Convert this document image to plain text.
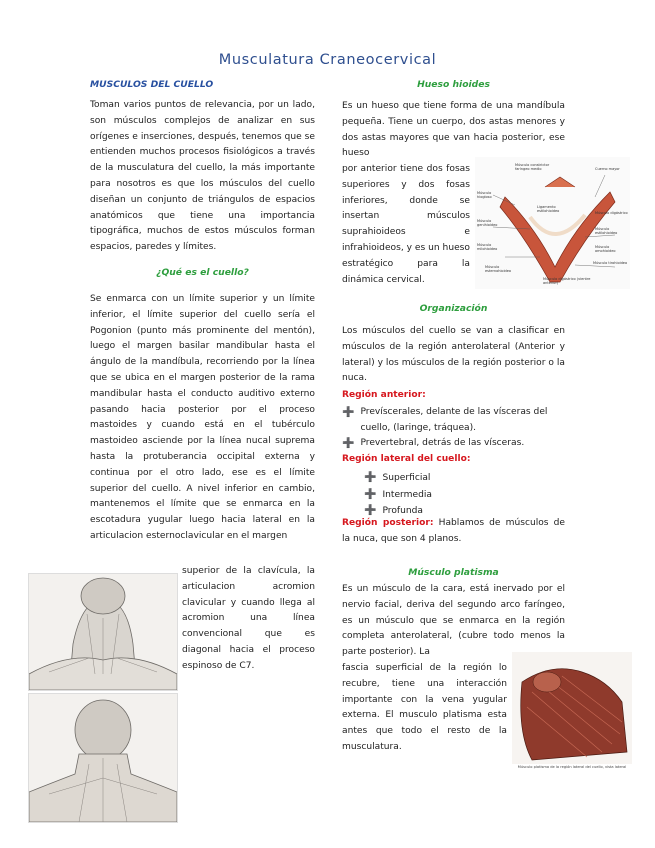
Musculatura Craneocervical
MUSCULOS DEL CUELLO
Toman varios puntos de relevancia, por un lado, son músculos complejos de analizar en sus orígenes e inserciones, después, tenemos que se entienden muchos procesos fisiológicos a través de la musculatura del cuello, la más importante para nosotros es que los músculos del cuello diseñan un conjunto de triángulos de espacios anatómicos que tiene una importancia tipográfica, muchos de estos músculos forman espacios, paredes y límites.
¿Qué es el cuello?
Se enmarca con un límite superior y un límite inferior, el límite superior del cuello sería el Pogonion (punto más prominente del mentón), luego el margen basilar mandibular hasta el ángulo de la mandíbula, recorriendo por la línea que se ubica en el margen posterior de la rama mandibular hasta el conducto auditivo externo pasando hacia posterior por el proceso mastoides y cuando está en el tubérculo mastoideo asciende por la línea nucal suprema hasta la protuberancia occipital externa y continua por el otro lado, ese es el límite superior del cuello. A nivel inferior en cambio, mantenemos el límite que se enmarca en la escotadura yugular luego hacia lateral en la articulacion esternoclavicular en el margen
superior de la clavícula, la articulacion acromion clavicular y cuando llega al acromion una línea convencional que es diagonal hacia el proceso espinoso de C7.
Hueso hioides
Es un hueso que tiene forma de una mandíbula pequeña. Tiene un cuerpo, dos astas menores y dos astas mayores que van hacia posterior, ese hueso
por anterior tiene dos fosas superiores y dos fosas inferiores, donde se insertan músculos suprahioideos e infrahioideos, y es un hueso estratégico para la dinámica cervical.
Músculo constrictor faríngeo medio	Cuerno mayor
Músculo hiogloso
Ligamento estilohioideo
Músculo genihioideo
Músculo digástrico
Músculo estilohioideo
Músculo milohioideo	Músculo omohioideo
Músculo esternohioideo
Músculo tirohioideo
Músculo digástrico (vientre anterior)
Organización
Los músculos del cuello se van a clasificar en músculos de la región anterolateral (Anterior y lateral) y los músculos de la región posterior o la nuca.
Región anterior:
➕ Prevíscerales, delante de las vísceras del cuello, (laringe, tráquea).
➕ Prevertebral, detrás de las vísceras.
Región lateral del cuello:
➕ Superficial
➕ Intermedia
➕ Profunda
Región posterior: Hablamos de músculos de la nuca, que son 4 planos.
Músculo platisma
Es un músculo de la cara, está inervado por el nervio facial, deriva del segundo arco faríngeo, es un músculo que se enmarca en la región completa anterolateral, (cubre todo menos la parte posterior). La
fascia superficial de la región lo recubre, tiene una interacción importante con la vena yugular externa. El musculo platisma esta antes que todo el resto de la musculatura.
Músculo platisma de la región lateral del cuello, vista lateral
